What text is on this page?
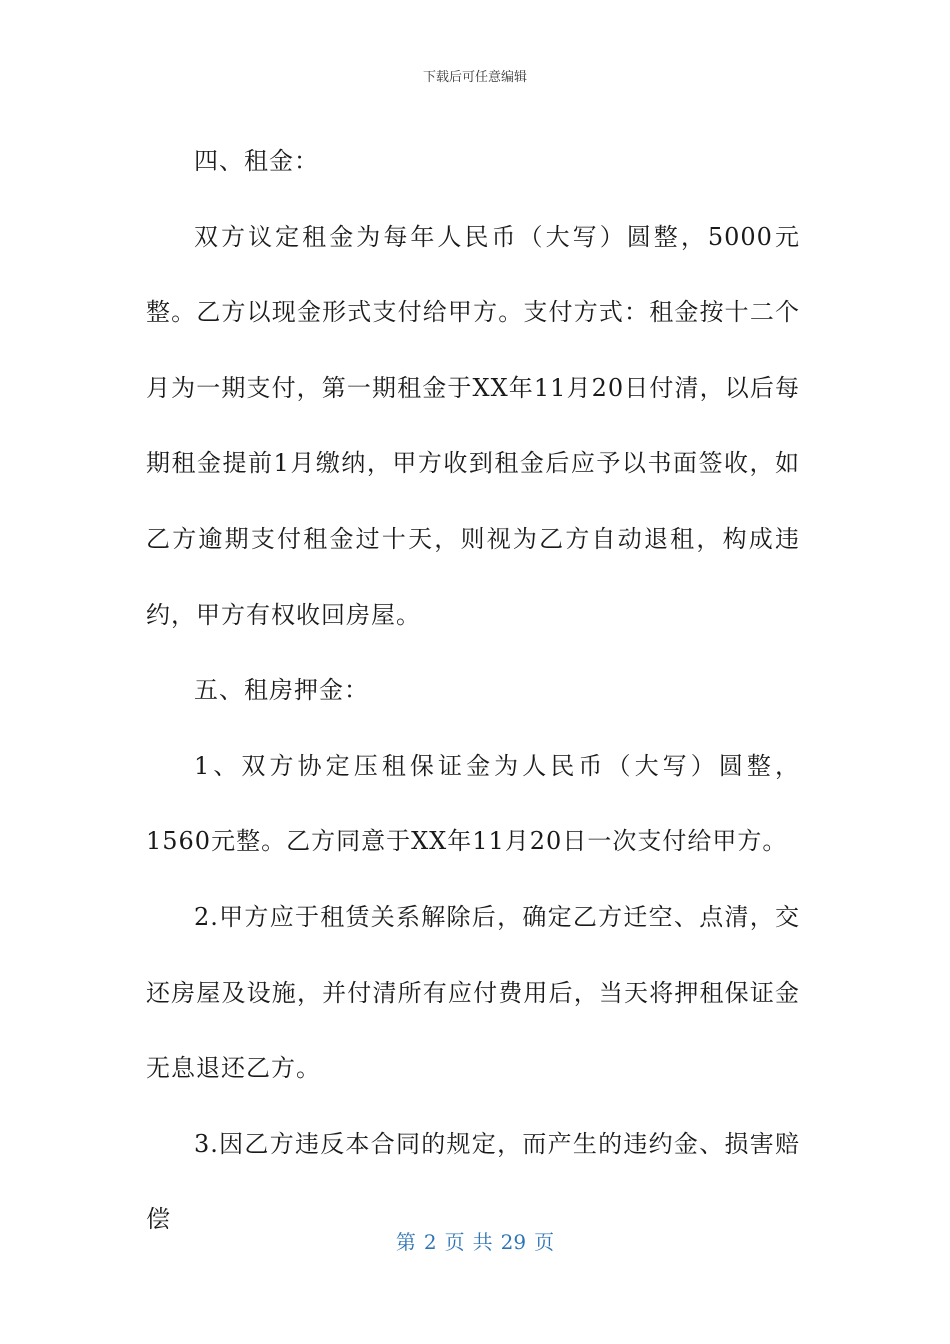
下载后可任意编辑

四、租金：

双方议定租金为每年人民币（大写）圆整，5000元整。乙方以现金形式支付给甲方。支付方式：租金按十二个月为一期支付，第一期租金于XX年11月20日付清，以后每期租金提前1月缴纳，甲方收到租金后应予以书面签收，如乙方逾期支付租金过十天，则视为乙方自动退租，构成违约，甲方有权收回房屋。

五、租房押金：

1、双方协定压租保证金为人民币（大写）圆整，1560元整。乙方同意于XX年11月20日一次支付给甲方。

2.甲方应于租赁关系解除后，确定乙方迁空、点清，交还房屋及设施，并付清所有应付费用后，当天将押租保证金无息退还乙方。

3.因乙方违反本合同的规定，而产生的违约金、损害赔偿

第 2 页 共 29 页
